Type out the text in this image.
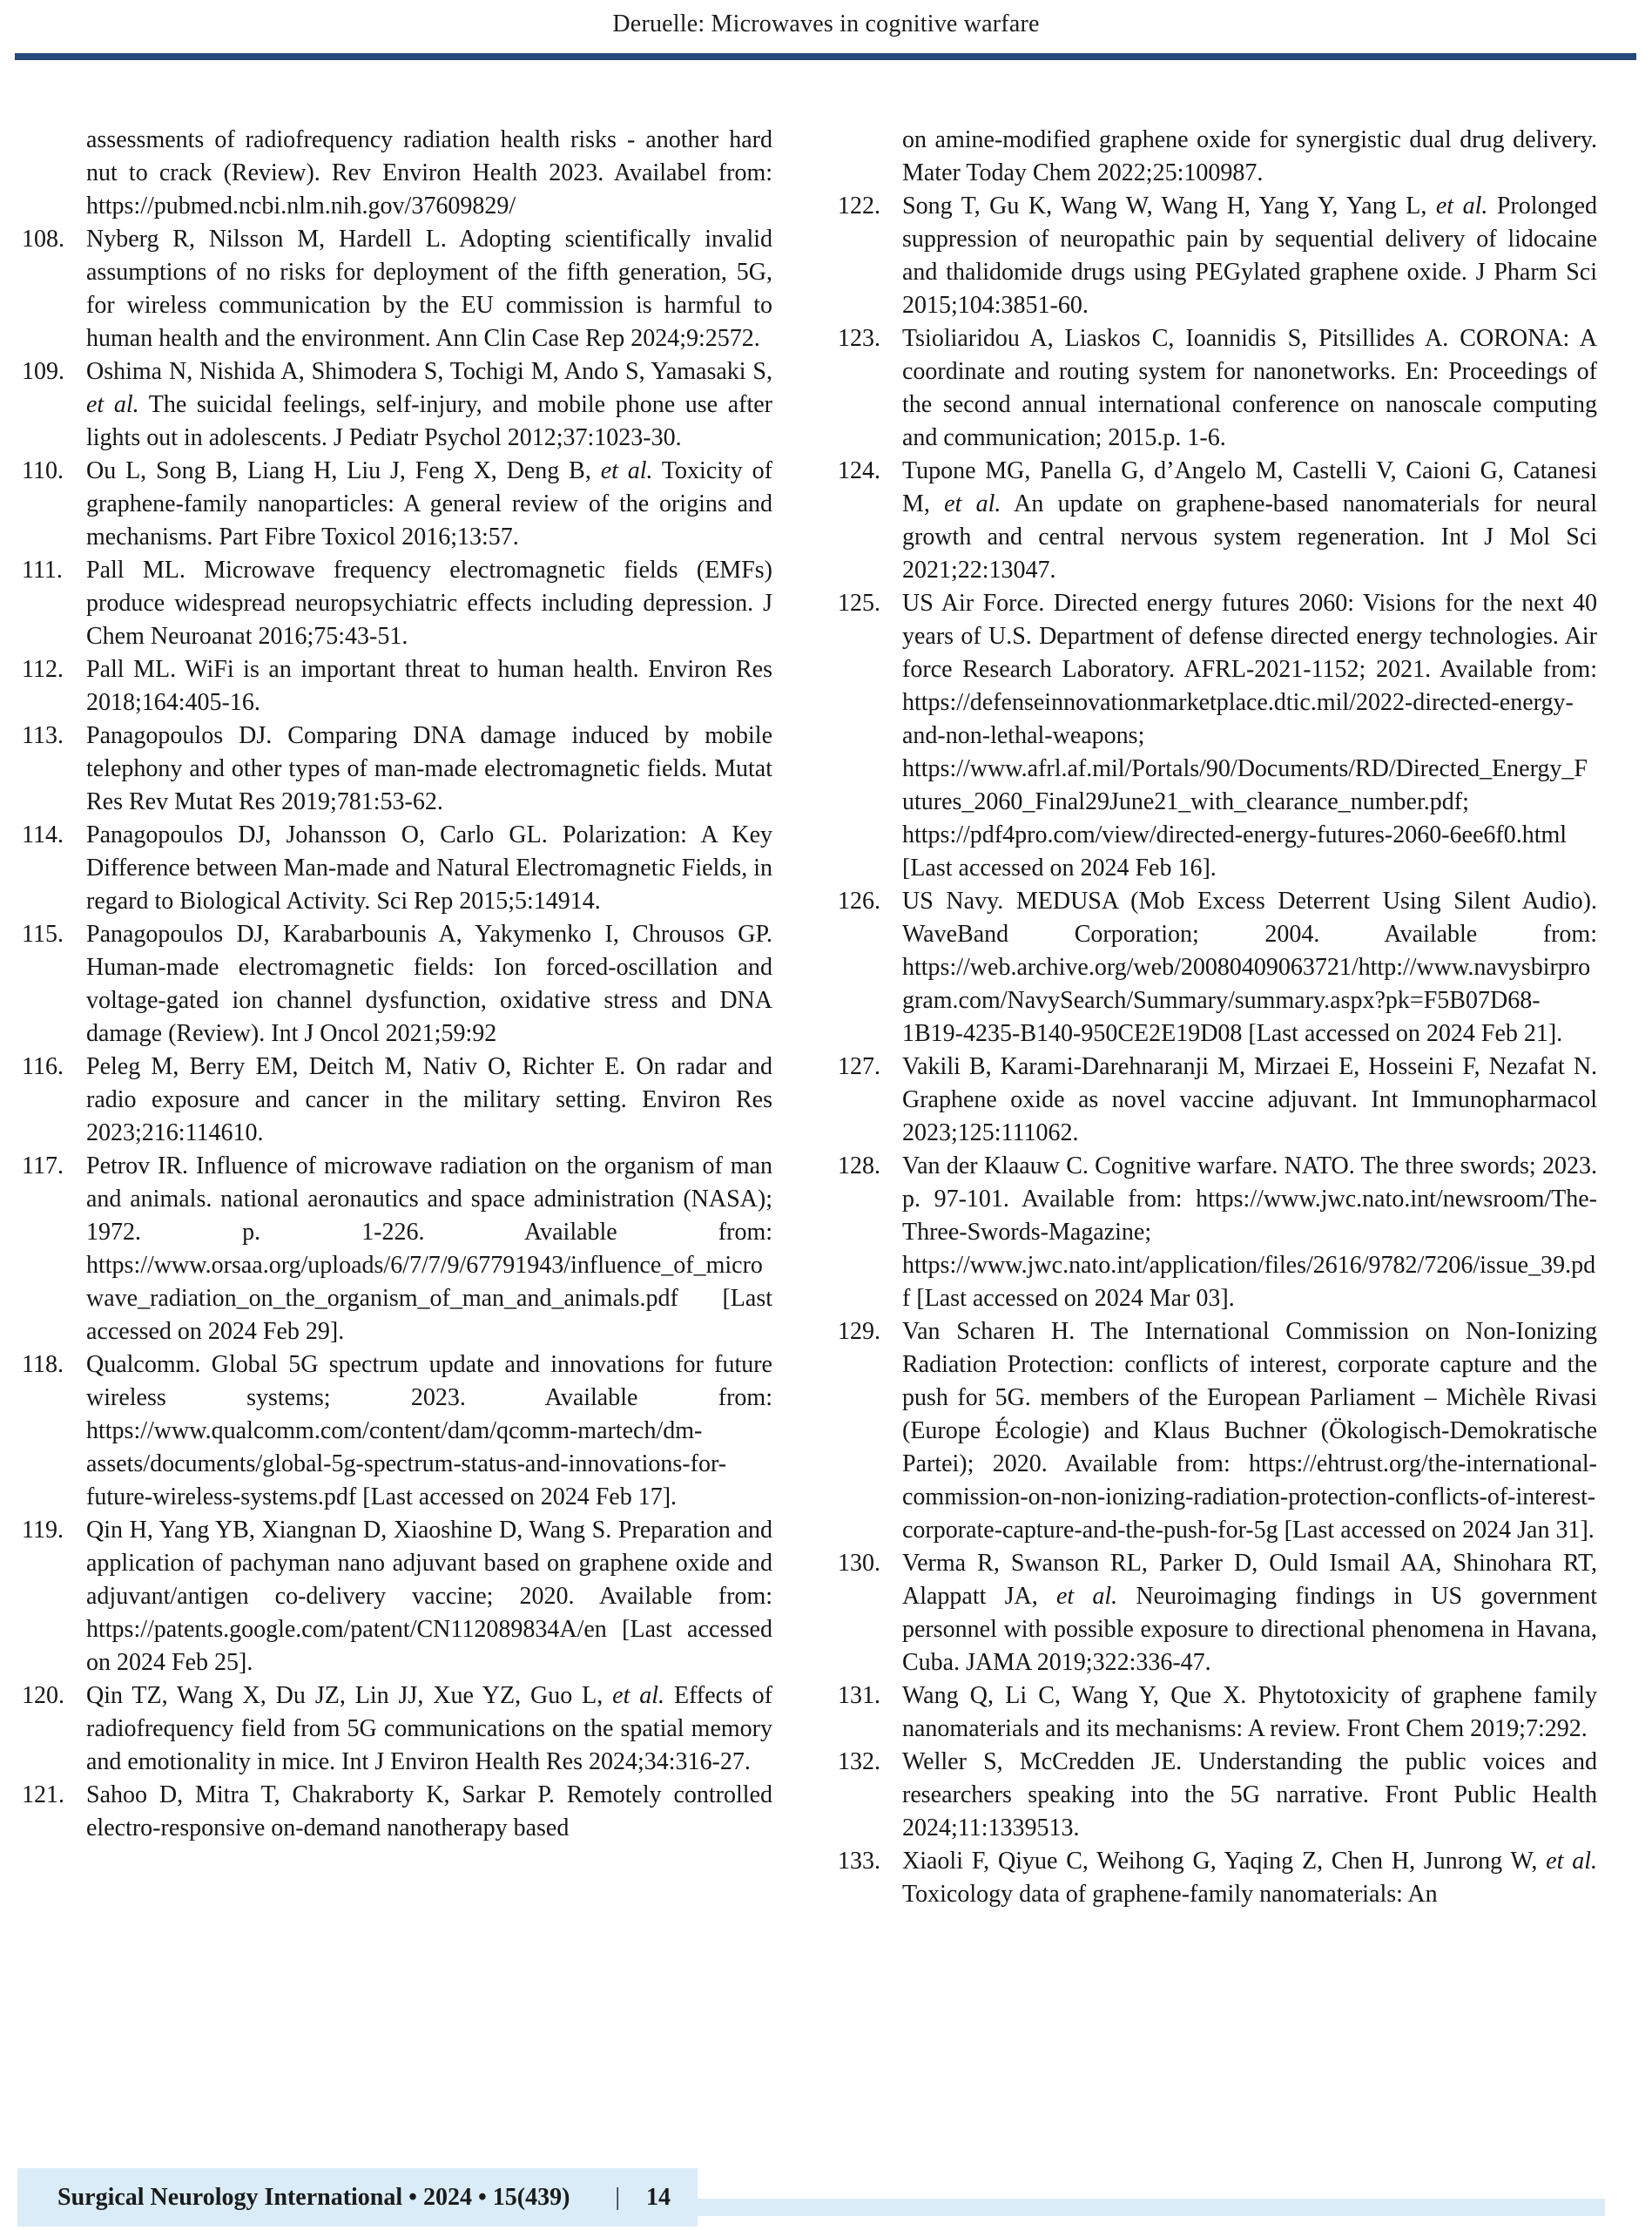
Deruelle: Microwaves in cognitive warfare
assessments of radiofrequency radiation health risks - another hard nut to crack (Review). Rev Environ Health 2023. Availabel from: https://pubmed.ncbi.nlm.nih.gov/37609829/
108. Nyberg R, Nilsson M, Hardell L. Adopting scientifically invalid assumptions of no risks for deployment of the fifth generation, 5G, for wireless communication by the EU commission is harmful to human health and the environment. Ann Clin Case Rep 2024;9:2572.
109. Oshima N, Nishida A, Shimodera S, Tochigi M, Ando S, Yamasaki S, et al. The suicidal feelings, self-injury, and mobile phone use after lights out in adolescents. J Pediatr Psychol 2012;37:1023-30.
110. Ou L, Song B, Liang H, Liu J, Feng X, Deng B, et al. Toxicity of graphene-family nanoparticles: A general review of the origins and mechanisms. Part Fibre Toxicol 2016;13:57.
111. Pall ML. Microwave frequency electromagnetic fields (EMFs) produce widespread neuropsychiatric effects including depression. J Chem Neuroanat 2016;75:43-51.
112. Pall ML. WiFi is an important threat to human health. Environ Res 2018;164:405-16.
113. Panagopoulos DJ. Comparing DNA damage induced by mobile telephony and other types of man-made electromagnetic fields. Mutat Res Rev Mutat Res 2019;781:53-62.
114. Panagopoulos DJ, Johansson O, Carlo GL. Polarization: A Key Difference between Man-made and Natural Electromagnetic Fields, in regard to Biological Activity. Sci Rep 2015;5:14914.
115. Panagopoulos DJ, Karabarbounis A, Yakymenko I, Chrousos GP. Human-made electromagnetic fields: Ion forced-oscillation and voltage-gated ion channel dysfunction, oxidative stress and DNA damage (Review). Int J Oncol 2021;59:92
116. Peleg M, Berry EM, Deitch M, Nativ O, Richter E. On radar and radio exposure and cancer in the military setting. Environ Res 2023;216:114610.
117. Petrov IR. Influence of microwave radiation on the organism of man and animals. national aeronautics and space administration (NASA); 1972. p. 1-226. Available from: https://www.orsaa.org/uploads/6/7/7/9/67791943/influence_of_microwave_radiation_on_the_organism_of_man_and_animals.pdf [Last accessed on 2024 Feb 29].
118. Qualcomm. Global 5G spectrum update and innovations for future wireless systems; 2023. Available from: https://www.qualcomm.com/content/dam/qcomm-martech/dm-assets/documents/global-5g-spectrum-status-and-innovations-for-future-wireless-systems.pdf [Last accessed on 2024 Feb 17].
119. Qin H, Yang YB, Xiangnan D, Xiaoshine D, Wang S. Preparation and application of pachyman nano adjuvant based on graphene oxide and adjuvant/antigen co-delivery vaccine; 2020. Available from: https://patents.google.com/patent/CN112089834A/en [Last accessed on 2024 Feb 25].
120. Qin TZ, Wang X, Du JZ, Lin JJ, Xue YZ, Guo L, et al. Effects of radiofrequency field from 5G communications on the spatial memory and emotionality in mice. Int J Environ Health Res 2024;34:316-27.
121. Sahoo D, Mitra T, Chakraborty K, Sarkar P. Remotely controlled electro-responsive on-demand nanotherapy based
on amine-modified graphene oxide for synergistic dual drug delivery. Mater Today Chem 2022;25:100987.
122. Song T, Gu K, Wang W, Wang H, Yang Y, Yang L, et al. Prolonged suppression of neuropathic pain by sequential delivery of lidocaine and thalidomide drugs using PEGylated graphene oxide. J Pharm Sci 2015;104:3851-60.
123. Tsioliaridou A, Liaskos C, Ioannidis S, Pitsillides A. CORONA: A coordinate and routing system for nanonetworks. En: Proceedings of the second annual international conference on nanoscale computing and communication; 2015.p. 1-6.
124. Tupone MG, Panella G, d’Angelo M, Castelli V, Caioni G, Catanesi M, et al. An update on graphene-based nanomaterials for neural growth and central nervous system regeneration. Int J Mol Sci 2021;22:13047.
125. US Air Force. Directed energy futures 2060: Visions for the next 40 years of U.S. Department of defense directed energy technologies. Air force Research Laboratory. AFRL-2021-1152; 2021. Available from: https://defenseinnovationmarketplace.dtic.mil/2022-directed-energy-and-non-lethal-weapons; https://www.afrl.af.mil/Portals/90/Documents/RD/Directed_Energy_Futures_2060_Final29June21_with_clearance_number.pdf; https://pdf4pro.com/view/directed-energy-futures-2060-6ee6f0.html [Last accessed on 2024 Feb 16].
126. US Navy. MEDUSA (Mob Excess Deterrent Using Silent Audio). WaveBand Corporation; 2004. Available from: https://web.archive.org/web/20080409063721/http://www.navysbirprogram.com/NavySearch/Summary/summary.aspx?pk=F5B07D68-1B19-4235-B140-950CE2E19D08 [Last accessed on 2024 Feb 21].
127. Vakili B, Karami-Darehnaranji M, Mirzaei E, Hosseini F, Nezafat N. Graphene oxide as novel vaccine adjuvant. Int Immunopharmacol 2023;125:111062.
128. Van der Klaauw C. Cognitive warfare. NATO. The three swords; 2023. p. 97-101. Available from: https://www.jwc.nato.int/newsroom/The-Three-Swords-Magazine; https://www.jwc.nato.int/application/files/2616/9782/7206/issue_39.pdf [Last accessed on 2024 Mar 03].
129. Van Scharen H. The International Commission on Non-Ionizing Radiation Protection: conflicts of interest, corporate capture and the push for 5G. members of the European Parliament – Michèle Rivasi (Europe Écologie) and Klaus Buchner (Ökologisch-Demokratische Partei); 2020. Available from: https://ehtrust.org/the-international-commission-on-non-ionizing-radiation-protection-conflicts-of-interest-corporate-capture-and-the-push-for-5g [Last accessed on 2024 Jan 31].
130. Verma R, Swanson RL, Parker D, Ould Ismail AA, Shinohara RT, Alappatt JA, et al. Neuroimaging findings in US government personnel with possible exposure to directional phenomena in Havana, Cuba. JAMA 2019;322:336-47.
131. Wang Q, Li C, Wang Y, Que X. Phytotoxicity of graphene family nanomaterials and its mechanisms: A review. Front Chem 2019;7:292.
132. Weller S, McCredden JE. Understanding the public voices and researchers speaking into the 5G narrative. Front Public Health 2024;11:1339513.
133. Xiaoli F, Qiyue C, Weihong G, Yaqing Z, Chen H, Junrong W, et al. Toxicology data of graphene-family nanomaterials: An
Surgical Neurology International • 2024 • 15(439) | 14
